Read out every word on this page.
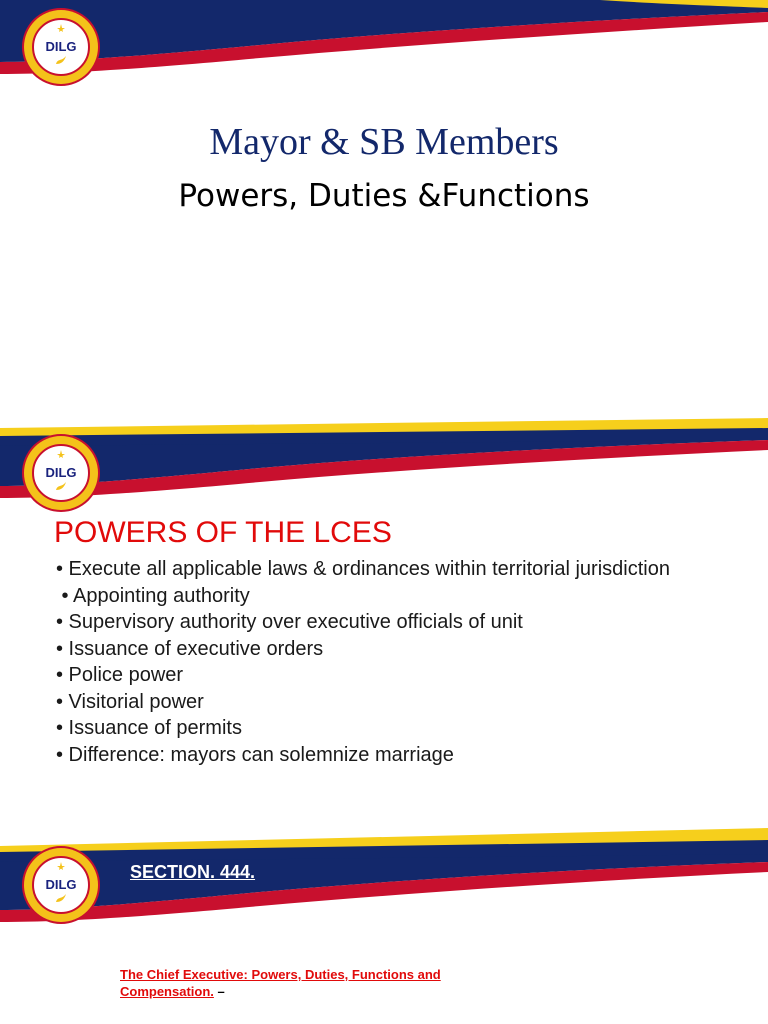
DILG
Mayor & SB Members
Powers, Duties &Functions
DILG
POWERS OF THE LCES
• Execute all applicable laws & ordinances within territorial jurisdiction
• Appointing authority
• Supervisory authority over executive officials of unit
• Issuance of executive orders
• Police power
• Visitorial power
• Issuance of permits
• Difference: mayors can solemnize marriage
DILG
SECTION. 444.
The Chief Executive: Powers, Duties, Functions and Compensation. –
